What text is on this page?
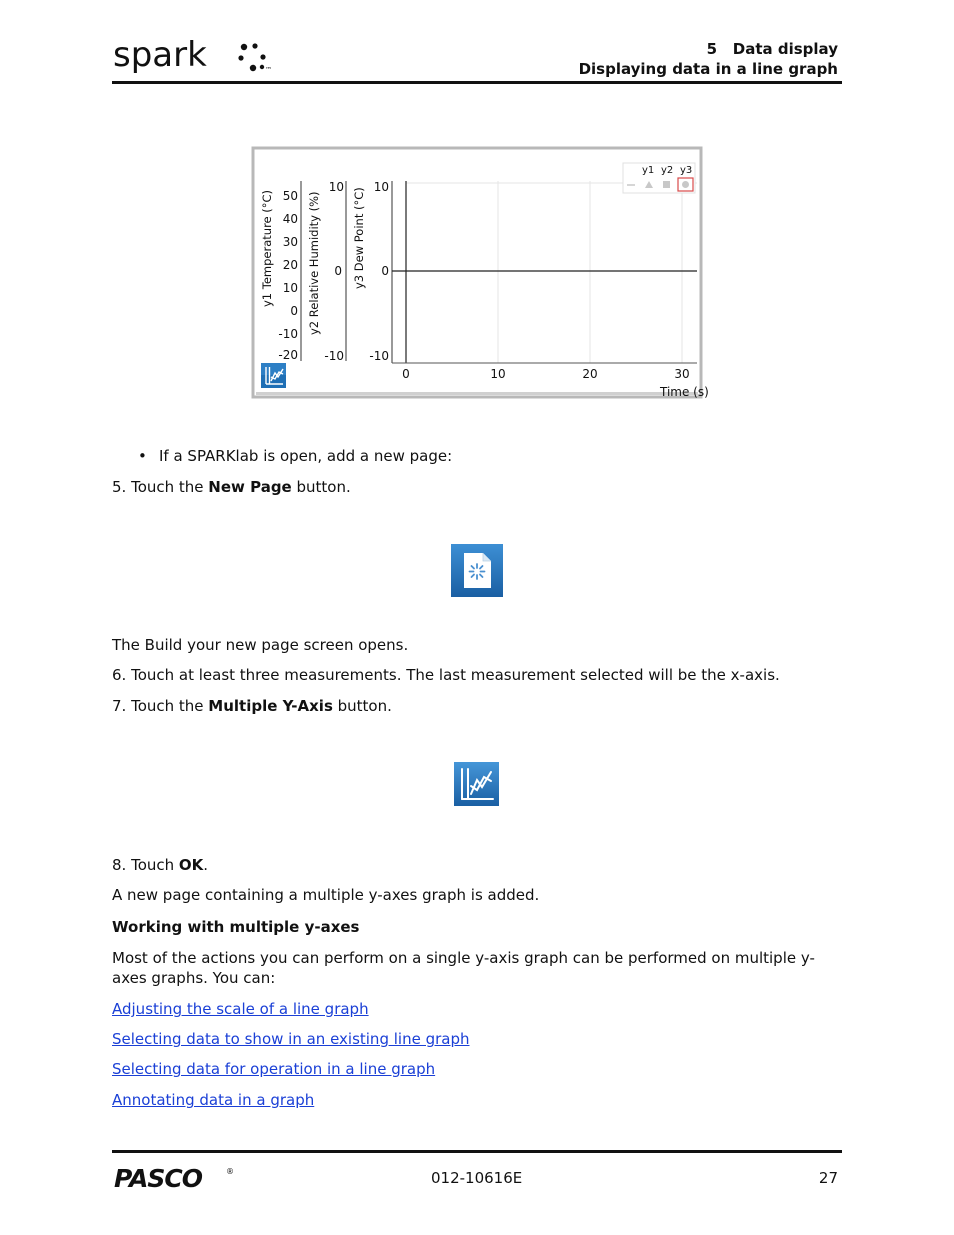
spark	™
5   Data display
Displaying data in a line graph
y1 Temperature (°C)	y2 Relative Humidity (%)	y3 Dew Point (°C)
50
40
30
20
10
0
-10
-20
10
0
-10
10
0
-10
0	10	20	30
Time (s)
y1 y2 y3
• If a SPARKlab is open, add a new page:
5. Touch the New Page button.
The Build your new page screen opens.
6. Touch at least three measurements. The last measurement selected will be the x-axis.
7. Touch the Multiple Y-Axis button.
8. Touch OK.
A new page containing a multiple y-axes graph is added.
Working with multiple y-axes
Most of the actions you can perform on a single y-axis graph can be performed on multiple y-
axes graphs. You can:
Adjusting the scale of a line graph
Selecting data to show in an existing line graph
Selecting data for operation in a line graph
Annotating data in a graph
PASCO	®	012-10616E	27
